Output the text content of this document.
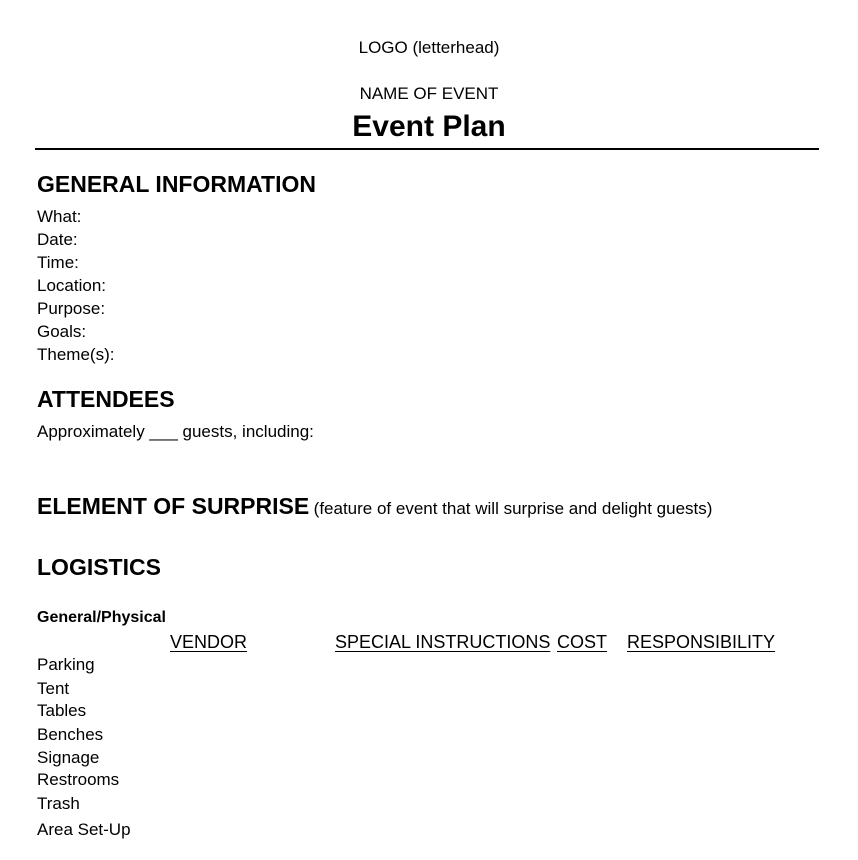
LOGO (letterhead)
NAME OF EVENT
Event Plan
GENERAL INFORMATION
What:
Date:
Time:
Location:
Purpose:
Goals:
Theme(s):
ATTENDEES
Approximately ___ guests, including:
ELEMENT OF SURPRISE (feature of event that will surprise and delight guests)
LOGISTICS
General/Physical
VENDOR	SPECIAL INSTRUCTIONS COST RESPONSIBILITY
Parking
Tent
Tables
Benches
Signage
Restrooms
Trash
Area Set-Up
